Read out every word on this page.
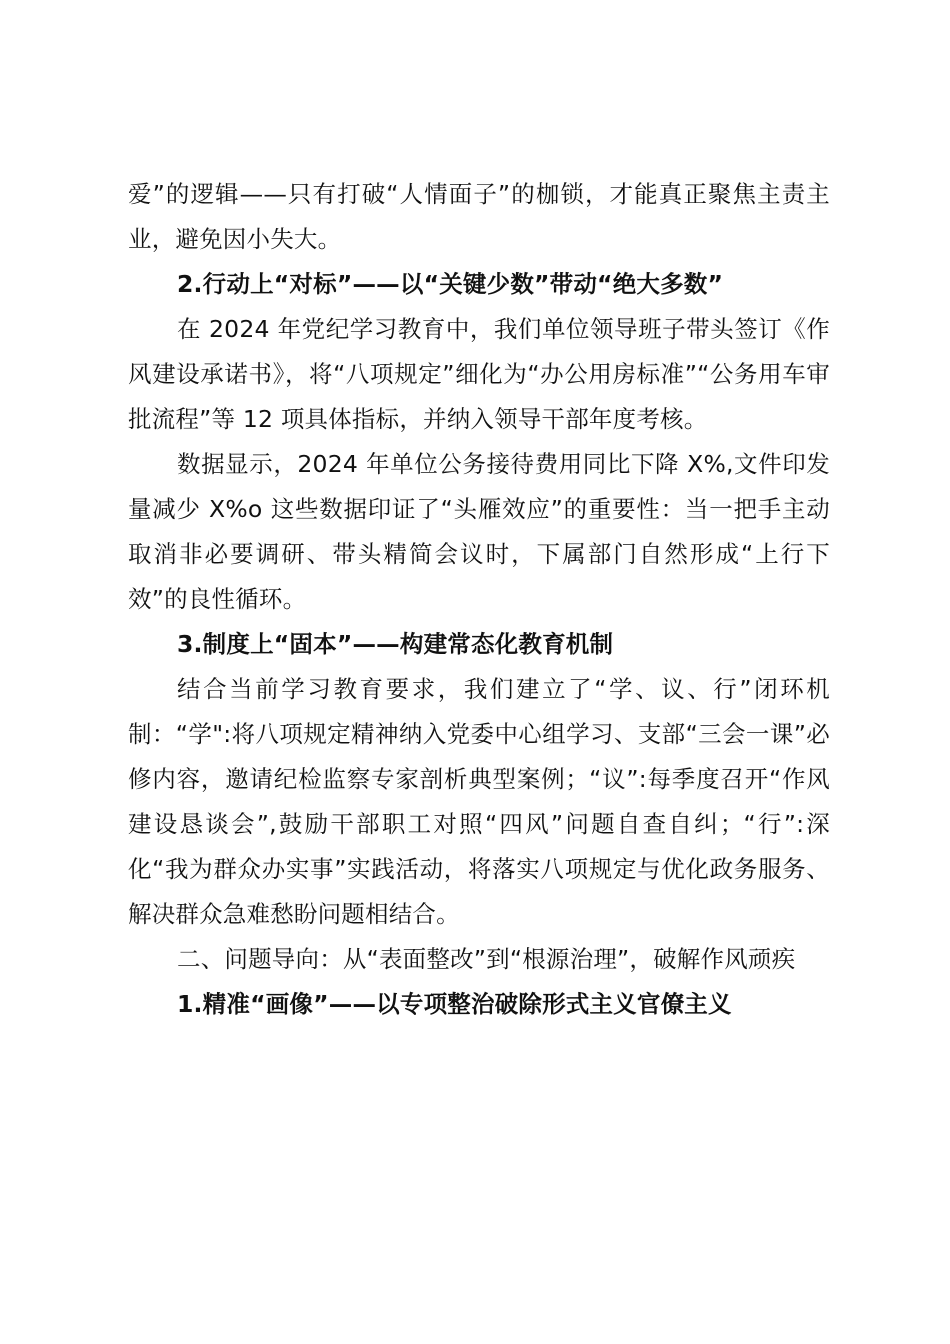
爱”的逻辑——只有打破“人情面子”的枷锁，才能真正聚焦主责主业，避免因小失大。

2.行动上“对标”——以“关键少数”带动“绝大多数”

在 2024 年党纪学习教育中，我们单位领导班子带头签订《作风建设承诺书》，将“八项规定”细化为“办公用房标准”“公务用车审批流程”等 12 项具体指标，并纳入领导干部年度考核。

数据显示，2024 年单位公务接待费用同比下降 X%,文件印发量减少 X%o 这些数据印证了“头雁效应”的重要性：当一把手主动取消非必要调研、带头精简会议时，下属部门自然形成“上行下效”的良性循环。

3.制度上“固本”——构建常态化教育机制

结合当前学习教育要求，我们建立了“学、议、行”闭环机制：“学":将八项规定精神纳入党委中心组学习、支部“三会一课”必修内容，邀请纪检监察专家剖析典型案例；“议”:每季度召开“作风建设恳谈会”,鼓励干部职工对照“四风”问题自查自纠；“行”:深化“我为群众办实事”实践活动，将落实八项规定与优化政务服务、解决群众急难愁盼问题相结合。

二、问题导向：从“表面整改”到“根源治理”，破解作风顽疾

1.精准“画像”——以专项整治破除形式主义官僚主义
